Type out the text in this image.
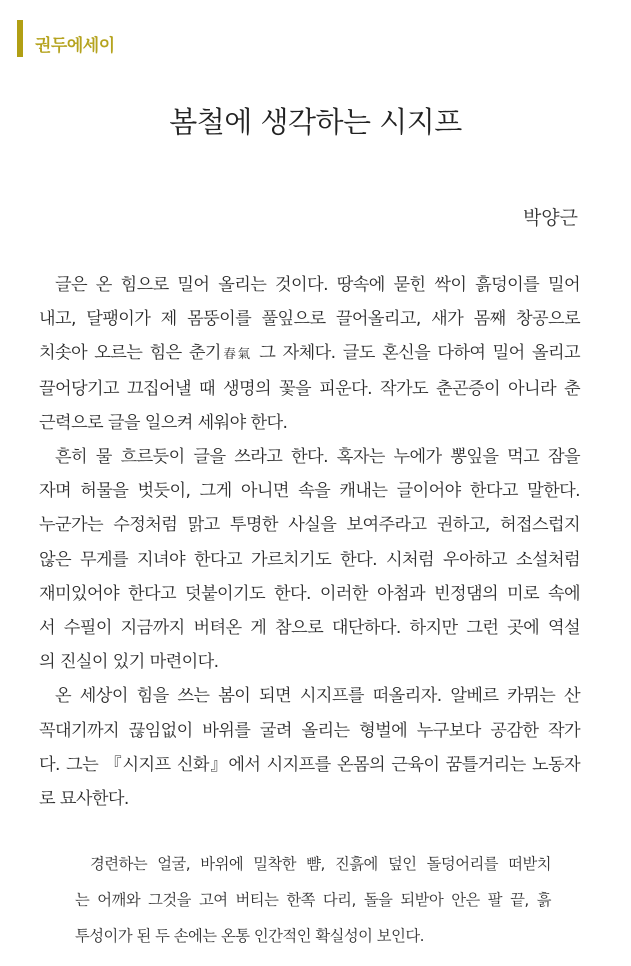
권두에세이
봄철에 생각하는 시지프
박양근

글은 온 힘으로 밀어 올리는 것이다. 땅속에 묻힌 싹이 흙덩이를 밀어
내고, 달팽이가 제 몸뚱이를 풀잎으로 끌어올리고, 새가 몸째 창공으로
치솟아 오르는 힘은 춘기春氣 그 자체다. 글도 혼신을 다하여 밀어 올리고
끌어당기고 끄집어낼 때 생명의 꽃을 피운다. 작가도 춘곤증이 아니라 춘
근력으로 글을 일으켜 세워야 한다.

흔히 물 흐르듯이 글을 쓰라고 한다. 혹자는 누에가 뽕잎을 먹고 잠을
자며 허물을 벗듯이, 그게 아니면 속을 캐내는 글이어야 한다고 말한다.
누군가는 수정처럼 맑고 투명한 사실을 보여주라고 권하고, 허접스럽지
않은 무게를 지녀야 한다고 가르치기도 한다. 시처럼 우아하고 소설처럼
재미있어야 한다고 덧붙이기도 한다. 이러한 아첨과 빈정댐의 미로 속에
서 수필이 지금까지 버텨온 게 참으로 대단하다. 하지만 그런 곳에 역설
의 진실이 있기 마련이다.

온 세상이 힘을 쓰는 봄이 되면 시지프를 떠올리자. 알베르 카뮈는 산
꼭대기까지 끊임없이 바위를 굴려 올리는 형벌에 누구보다 공감한 작가
다. 그는 『시지프 신화』에서 시지프를 온몸의 근육이 꿈틀거리는 노동자
로 묘사한다.

경련하는 얼굴, 바위에 밀착한 뺨, 진흙에 덮인 돌덩어리를 떠받치
는 어깨와 그것을 고여 버티는 한쪽 다리, 돌을 되받아 안은 팔 끝, 흙
투성이가 된 두 손에는 온통 인간적인 확실성이 보인다.
